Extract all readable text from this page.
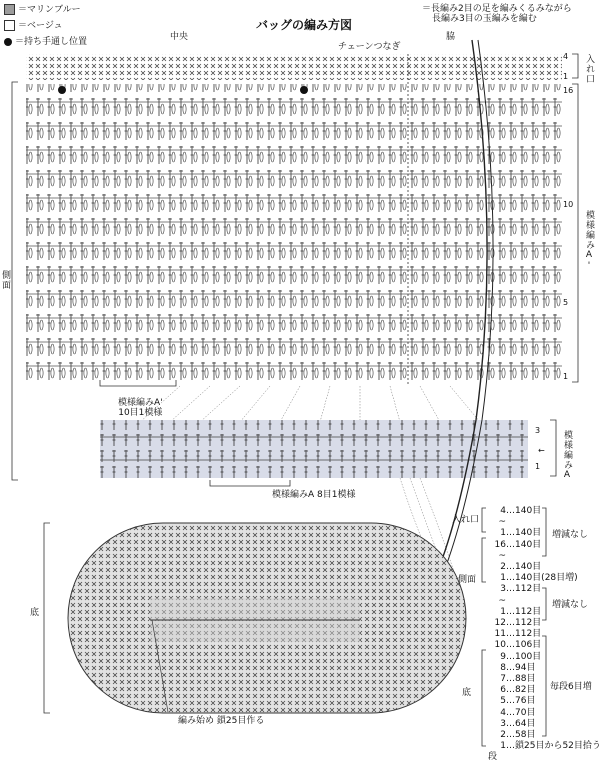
＝マリンブルー
＝ベージュ
＝持ち手通し位置
バッグの編み方図
＝長編み2目の足を編みくるみながら
長編み3目の玉編みを編む
中央
チェーンつなぎ
脇
4
1 入れ口
16
10
5
1
模様編みA'
側面
模様編みA'
10目1模様
3
←
1 模様編みA
模様編みA 8目1模様
底
編み始め 鎖25目作る
入れ口
側面
底
増減なし
増減なし
毎段6目増
4…140目
~
1…140目
16…140目
~
2…140目
1…140目(28目増)
3…112目
~
1…112目
12…112目
11…112目
10…106目
9…100目
8…94目
7…88目
6…82目
5…76目
4…70目
3…64目
2…58目
1…鎖25目から52目拾う
段
